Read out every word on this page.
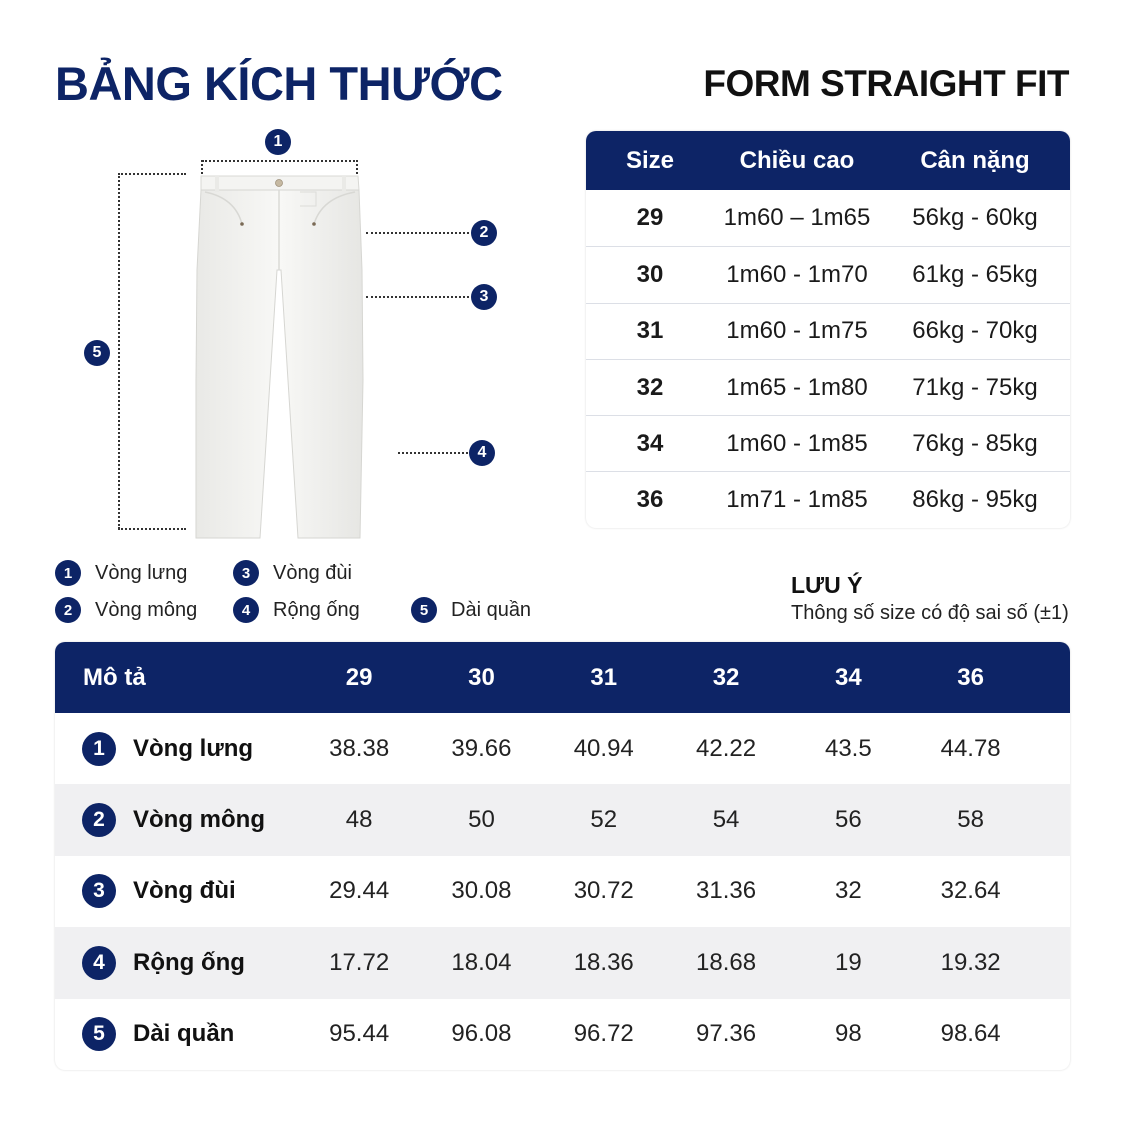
BẢNG KÍCH THƯỚC	FORM STRAIGHT FIT
1
2
3
4
5
Size	Chiều cao	Cân nặng
29	1m60 – 1m65	56kg - 60kg
30	1m60 - 1m70	61kg - 65kg
31	1m60 - 1m75	66kg - 70kg
32	1m65 - 1m80	71kg - 75kg
34	1m60 - 1m85	76kg - 85kg
36	1m71 - 1m85	86kg - 95kg
1	Vòng lưng
2	Vòng mông
3	Vòng đùi
4	Rộng ống	5	Dài quần
LƯU Ý
Thông số size có độ sai số (±1)
Mô tả	29	30	31	32	34	36
1	Vòng lưng	38.38	39.66	40.94	42.22	43.5	44.78
2	Vòng mông	48	50	52	54	56	58
3	Vòng đùi	29.44	30.08	30.72	31.36	32	32.64
4	Rộng ống	17.72	18.04	18.36	18.68	19	19.32
5	Dài quần	95.44	96.08	96.72	97.36	98	98.64
